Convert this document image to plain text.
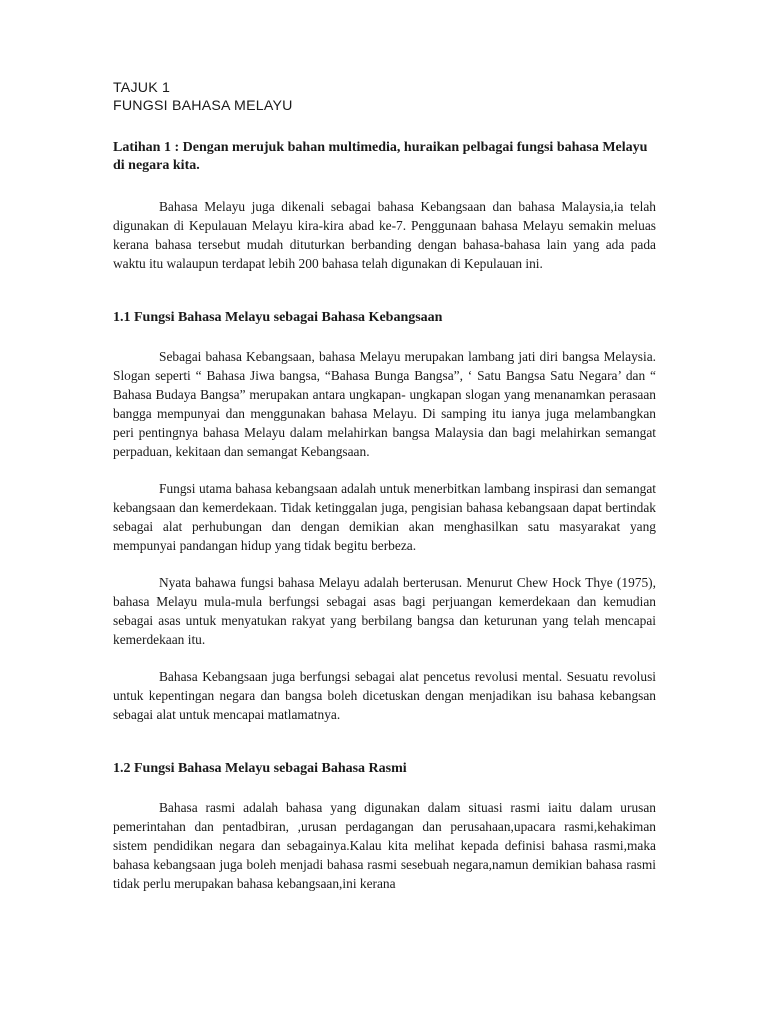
TAJUK 1
FUNGSI BAHASA MELAYU

Latihan 1 : Dengan merujuk bahan multimedia, huraikan pelbagai fungsi bahasa Melayu di negara kita.

Bahasa Melayu juga dikenali sebagai bahasa Kebangsaan dan bahasa Malaysia,ia telah digunakan di Kepulauan Melayu kira-kira abad ke-7. Penggunaan bahasa Melayu semakin meluas kerana bahasa tersebut mudah dituturkan berbanding dengan bahasa-bahasa lain yang ada pada waktu itu walaupun terdapat lebih 200 bahasa telah digunakan di Kepulauan ini.

1.1 Fungsi Bahasa Melayu sebagai Bahasa Kebangsaan

Sebagai bahasa Kebangsaan, bahasa Melayu merupakan lambang jati diri bangsa Melaysia. Slogan seperti “ Bahasa Jiwa bangsa, “Bahasa Bunga Bangsa”, ‘ Satu Bangsa Satu Negara’ dan “ Bahasa Budaya Bangsa” merupakan antara ungkapan- ungkapan slogan yang menanamkan perasaan bangga mempunyai dan menggunakan bahasa Melayu. Di samping itu ianya juga melambangkan peri pentingnya bahasa Melayu dalam melahirkan bangsa Malaysia dan bagi melahirkan semangat perpaduan, kekitaan dan semangat Kebangsaan.

Fungsi utama bahasa kebangsaan adalah untuk menerbitkan lambang inspirasi dan semangat kebangsaan dan kemerdekaan. Tidak ketinggalan juga, pengisian bahasa kebangsaan dapat bertindak sebagai alat perhubungan dan dengan demikian akan menghasilkan satu masyarakat yang mempunyai pandangan hidup yang tidak begitu berbeza.

Nyata bahawa fungsi bahasa Melayu adalah berterusan. Menurut Chew Hock Thye (1975), bahasa Melayu mula-mula berfungsi sebagai asas bagi perjuangan kemerdekaan dan kemudian sebagai asas untuk menyatukan rakyat yang berbilang bangsa dan keturunan yang telah mencapai kemerdekaan itu.

Bahasa Kebangsaan juga berfungsi sebagai alat pencetus revolusi mental. Sesuatu revolusi untuk kepentingan negara dan bangsa boleh dicetuskan dengan menjadikan isu bahasa kebangsan sebagai alat untuk mencapai matlamatnya.

1.2 Fungsi Bahasa Melayu sebagai Bahasa Rasmi

Bahasa rasmi adalah bahasa yang digunakan dalam situasi rasmi iaitu dalam urusan pemerintahan dan pentadbiran, ,urusan perdagangan dan perusahaan,upacara rasmi,kehakiman sistem pendidikan negara dan sebagainya.Kalau kita melihat kepada definisi bahasa rasmi,maka bahasa kebangsaan juga boleh menjadi bahasa rasmi sesebuah negara,namun demikian bahasa rasmi tidak perlu merupakan bahasa kebangsaan,ini kerana
